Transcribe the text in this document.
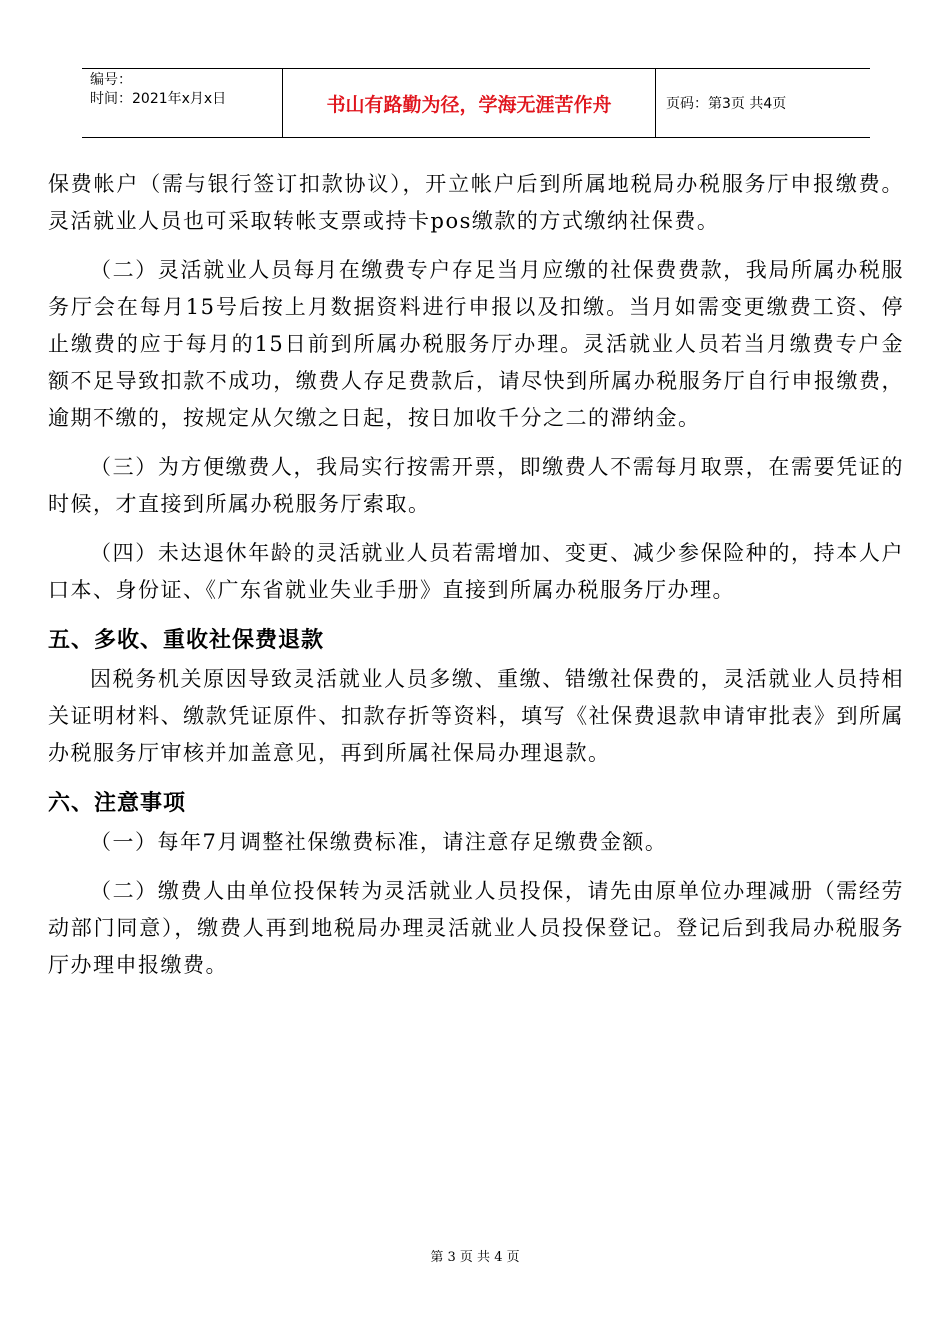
编号：
时间：2021年x月x日	书山有路勤为径，学海无涯苦作舟	页码：第3页 共4页

保费帐户（需与银行签订扣款协议），开立帐户后到所属地税局办税服务厅申报缴费。灵活就业人员也可采取转帐支票或持卡pos缴款的方式缴纳社保费。

（二）灵活就业人员每月在缴费专户存足当月应缴的社保费费款，我局所属办税服务厅会在每月15号后按上月数据资料进行申报以及扣缴。当月如需变更缴费工资、停止缴费的应于每月的15日前到所属办税服务厅办理。灵活就业人员若当月缴费专户金额不足导致扣款不成功，缴费人存足费款后，请尽快到所属办税服务厅自行申报缴费，逾期不缴的，按规定从欠缴之日起，按日加收千分之二的滞纳金。

（三）为方便缴费人，我局实行按需开票，即缴费人不需每月取票，在需要凭证的时候，才直接到所属办税服务厅索取。

（四）未达退休年龄的灵活就业人员若需增加、变更、减少参保险种的，持本人户口本、身份证、《广东省就业失业手册》直接到所属办税服务厅办理。

五、多收、重收社保费退款

因税务机关原因导致灵活就业人员多缴、重缴、错缴社保费的，灵活就业人员持相关证明材料、缴款凭证原件、扣款存折等资料，填写《社保费退款申请审批表》到所属办税服务厅审核并加盖意见，再到所属社保局办理退款。

六、注意事项

（一）每年7月调整社保缴费标准，请注意存足缴费金额。

（二）缴费人由单位投保转为灵活就业人员投保，请先由原单位办理减册（需经劳动部门同意），缴费人再到地税局办理灵活就业人员投保登记。登记后到我局办税服务厅办理申报缴费。

第 3 页 共 4 页
